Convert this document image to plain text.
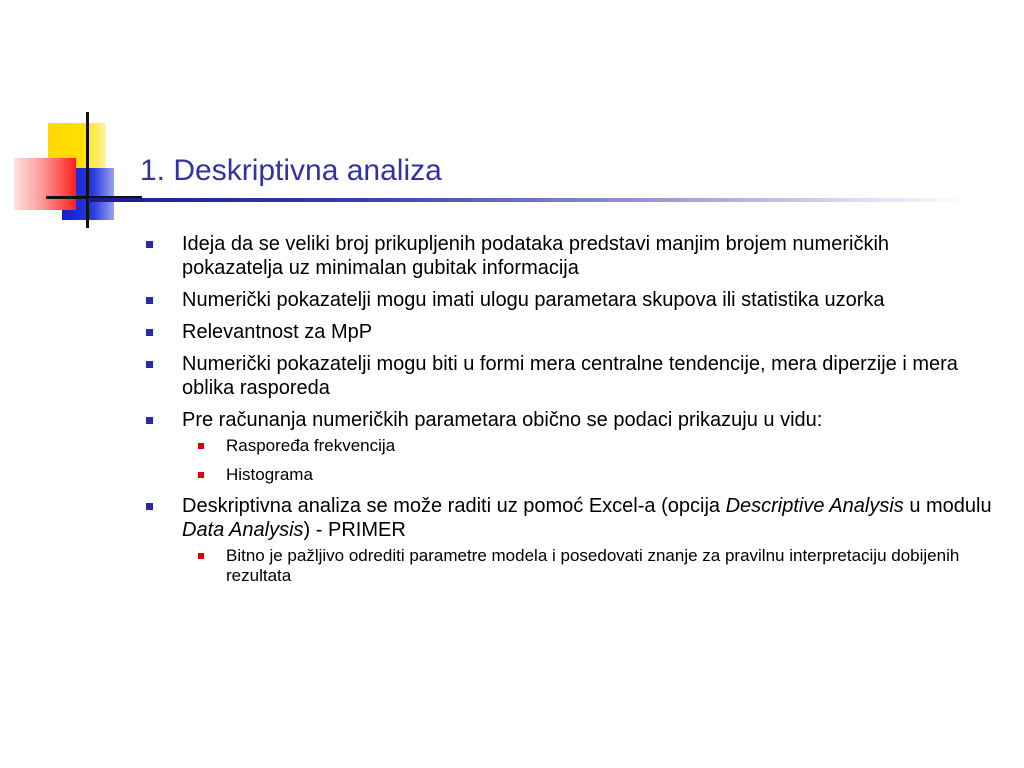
1. Deskriptivna analiza
Ideja da se veliki broj prikupljenih podataka predstavi manjim brojem numeričkih pokazatelja uz minimalan gubitak informacija
Numerički pokazatelji mogu imati ulogu parametara skupova ili statistika uzorka
Relevantnost za MpP
Numerički pokazatelji mogu biti u formi mera centralne tendencije, mera diperzije i mera oblika rasporeda
Pre računanja numeričkih parametara obično se podaci prikazuju u vidu:
Raspoređa frekvencija
Histograma
Deskriptivna analiza se može raditi uz pomoć Excel-a (opcija Descriptive Analysis u modulu Data Analysis) - PRIMER
Bitno je pažljivo odrediti parametre modela i posedovati znanje za pravilnu interpretaciju dobijenih rezultata
